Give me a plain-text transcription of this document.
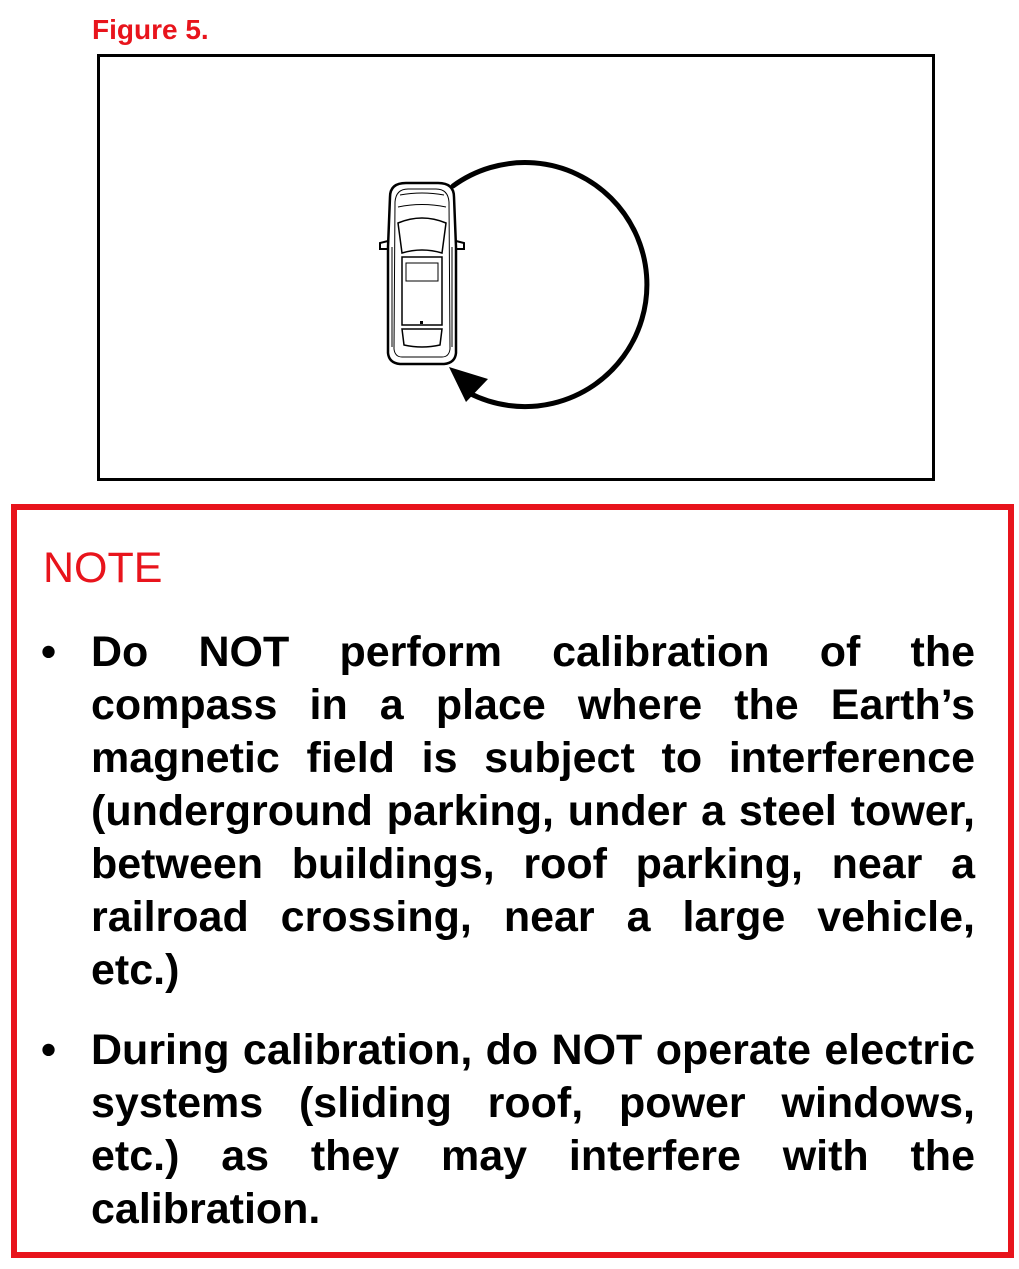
Figure 5.
NOTE
• Do NOT perform calibration of the compass in a place where the Earth’s magnetic field is subject to interference (underground parking, under a steel tower, between buildings, roof parking, near a railroad crossing, near a large vehicle, etc.)
• During calibration, do NOT operate electric systems (sliding roof, power windows, etc.) as they may interfere with the calibration.
